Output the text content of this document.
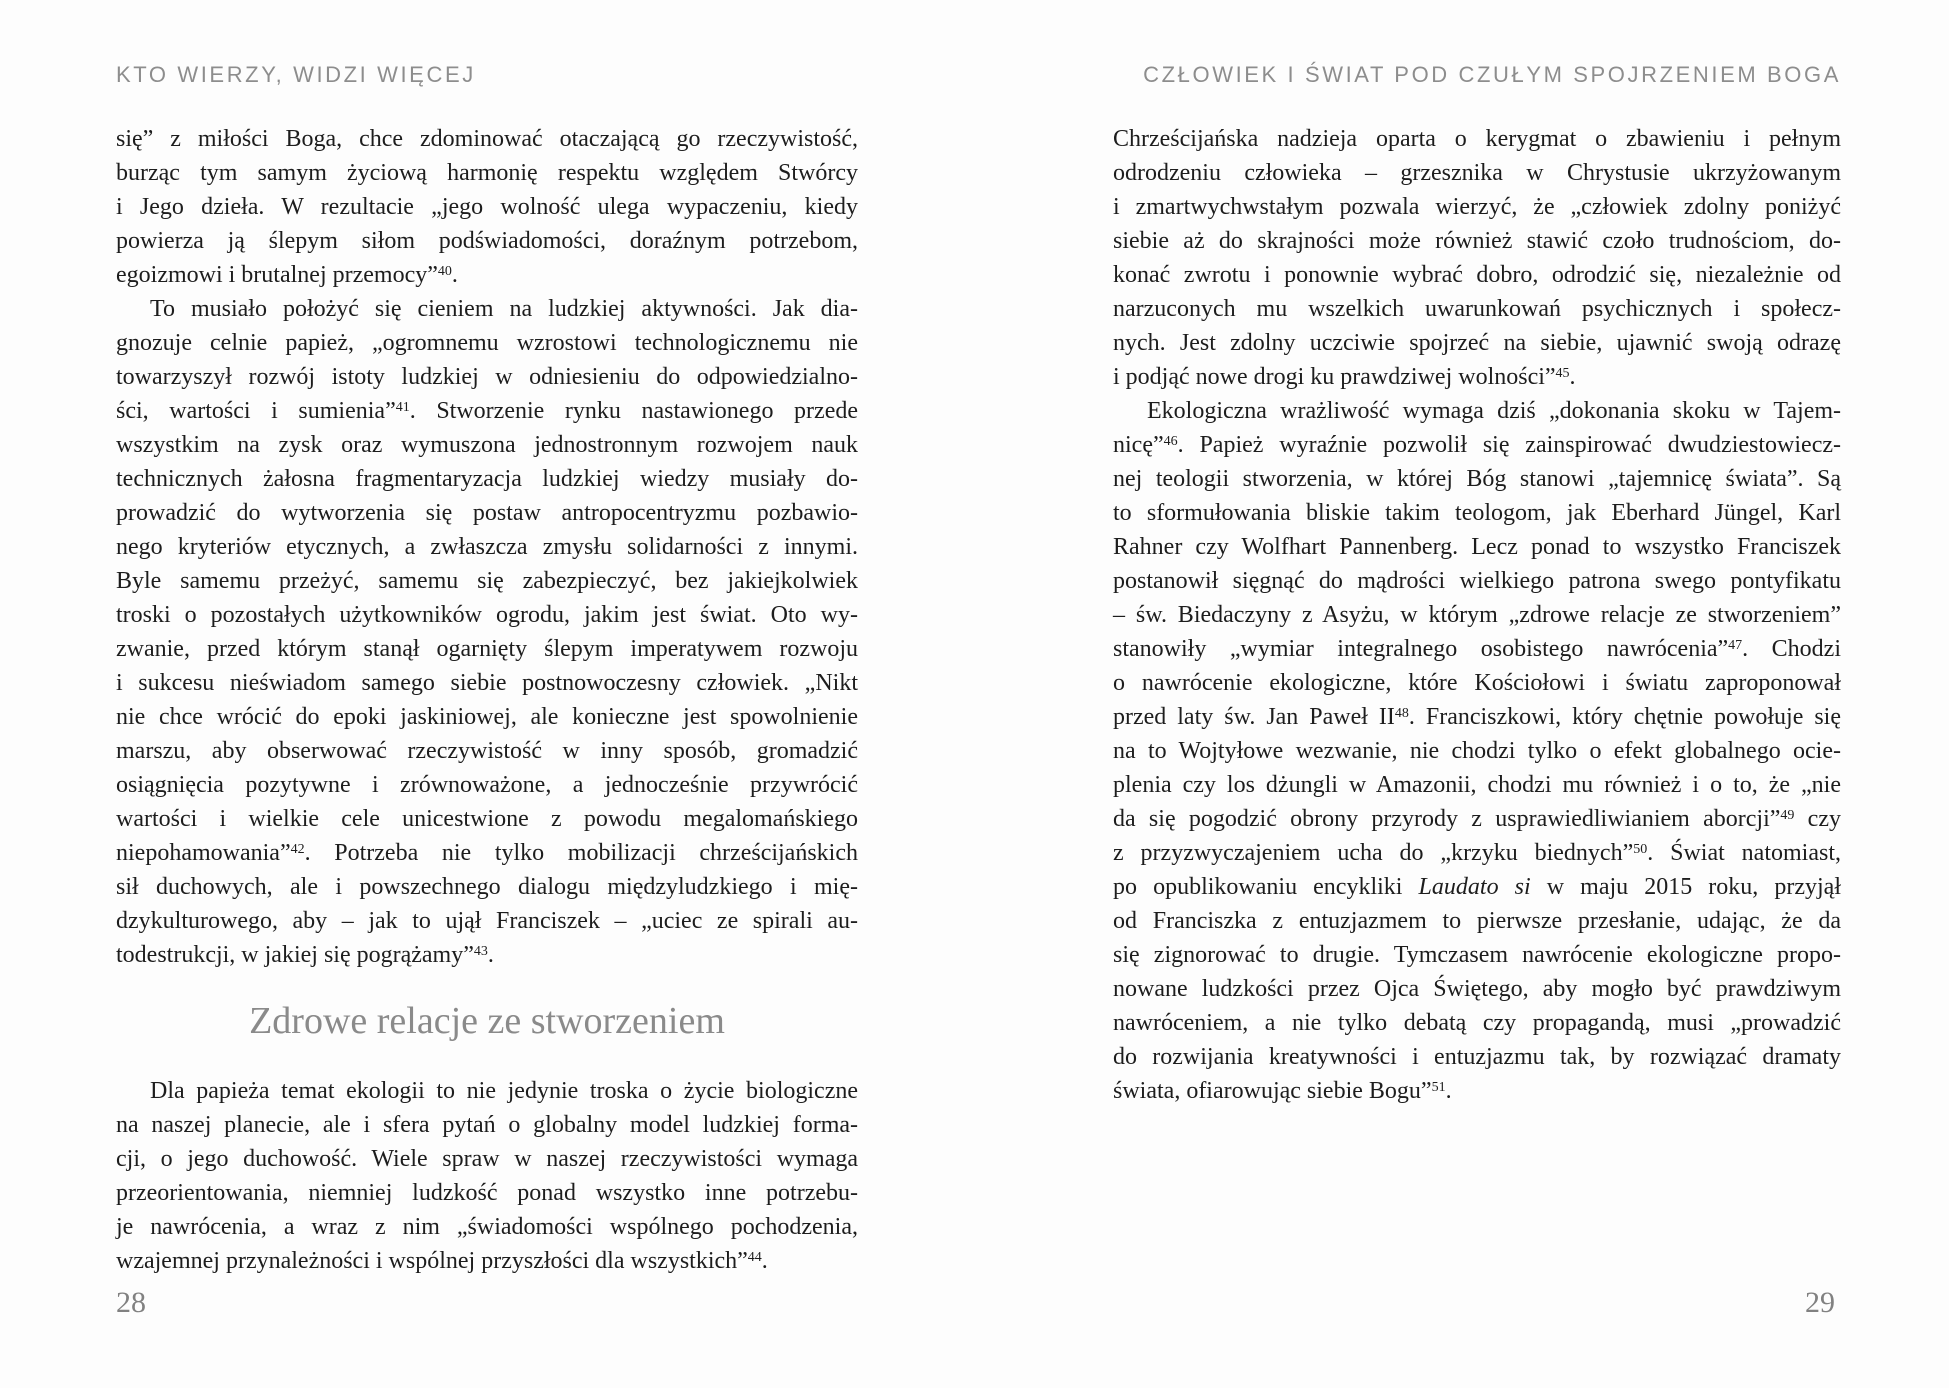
KTO WIERZY, WIDZI WIĘCEJ
się” z miłości Boga, chce zdominować otaczającą go rzeczywistość,
burząc tym samym życiową harmonię respektu względem Stwórcy
i Jego dzieła. W rezultacie „jego wolność ulega wypaczeniu, kiedy
powierza ją ślepym siłom podświadomości, doraźnym potrzebom,
egoizmowi i brutalnej przemocy”$^{40}$.
To musiało położyć się cieniem na ludzkiej aktywności. Jak dia-
gnozuje celnie papież, „ogromnemu wzrostowi technologicznemu nie
towarzyszył rozwój istoty ludzkiej w odniesieniu do odpowiedzialno-
ści, wartości i sumienia”$^{41}$. Stworzenie rynku nastawionego przede
wszystkim na zysk oraz wymuszona jednostronnym rozwojem nauk
technicznych żałosna fragmentaryzacja ludzkiej wiedzy musiały do-
prowadzić do wytworzenia się postaw antropocentryzmu pozbawio-
nego kryteriów etycznych, a zwłaszcza zmysłu solidarności z innymi.
Byle samemu przeżyć, samemu się zabezpieczyć, bez jakiejkolwiek
troski o pozostałych użytkowników ogrodu, jakim jest świat. Oto wy-
zwanie, przed którym stanął ogarnięty ślepym imperatywem rozwoju
i sukcesu nieświadom samego siebie postnowoczesny człowiek. „Nikt
nie chce wrócić do epoki jaskiniowej, ale konieczne jest spowolnienie
marszu, aby obserwować rzeczywistość w inny sposób, gromadzić
osiągnięcia pozytywne i zrównoważone, a jednocześnie przywrócić
wartości i wielkie cele unicestwione z powodu megalomańskiego
niepohamowania”$^{42}$. Potrzeba nie tylko mobilizacji chrześcijańskich
sił duchowych, ale i powszechnego dialogu międzyludzkiego i mię-
dzykulturowego, aby – jak to ujął Franciszek – „uciec ze spirali au-
todestrukcji, w jakiej się pogrążamy”$^{43}$.
Zdrowe relacje ze stworzeniem
Dla papieża temat ekologii to nie jedynie troska o życie biologiczne
na naszej planecie, ale i sfera pytań o globalny model ludzkiej forma-
cji, o jego duchowość. Wiele spraw w naszej rzeczywistości wymaga
przeorientowania, niemniej ludzkość ponad wszystko inne potrzebu-
je nawrócenia, a wraz z nim „świadomości wspólnego pochodzenia,
wzajemnej przynależności i wspólnej przyszłości dla wszystkich”$^{44}$.
28
CZŁOWIEK I ŚWIAT POD CZUŁYM SPOJRZENIEM BOGA
Chrześcijańska nadzieja oparta o kerygmat o zbawieniu i pełnym
odrodzeniu człowieka – grzesznika w Chrystusie ukrzyżowanym
i zmartwychwstałym pozwala wierzyć, że „człowiek zdolny poniżyć
siebie aż do skrajności może również stawić czoło trudnościom, do-
konać zwrotu i ponownie wybrać dobro, odrodzić się, niezależnie od
narzuconych mu wszelkich uwarunkowań psychicznych i społecz-
nych. Jest zdolny uczciwie spojrzeć na siebie, ujawnić swoją odrazę
i podjąć nowe drogi ku prawdziwej wolności”$^{45}$.
Ekologiczna wrażliwość wymaga dziś „dokonania skoku w Tajem-
nicę”$^{46}$. Papież wyraźnie pozwolił się zainspirować dwudziestowiecz-
nej teologii stworzenia, w której Bóg stanowi „tajemnicę świata”. Są
to sformułowania bliskie takim teologom, jak Eberhard Jüngel, Karl
Rahner czy Wolfhart Pannenberg. Lecz ponad to wszystko Franciszek
postanowił sięgnąć do mądrości wielkiego patrona swego pontyfikatu
– św. Biedaczyny z Asyżu, w którym „zdrowe relacje ze stworzeniem”
stanowiły „wymiar integralnego osobistego nawrócenia”$^{47}$. Chodzi
o nawrócenie ekologiczne, które Kościołowi i światu zaproponował
przed laty św. Jan Paweł II$^{48}$. Franciszkowi, który chętnie powołuje się
na to Wojtyłowe wezwanie, nie chodzi tylko o efekt globalnego ocie-
plenia czy los dżungli w Amazonii, chodzi mu również i o to, że „nie
da się pogodzić obrony przyrody z usprawiedliwianiem aborcji”$^{49}$ czy
z przyzwyczajeniem ucha do „krzyku biednych”$^{50}$. Świat natomiast,
po opublikowaniu encykliki Laudato si w maju 2015 roku, przyjął
od Franciszka z entuzjazmem to pierwsze przesłanie, udając, że da
się zignorować to drugie. Tymczasem nawrócenie ekologiczne propo-
nowane ludzkości przez Ojca Świętego, aby mogło być prawdziwym
nawróceniem, a nie tylko debatą czy propagandą, musi „prowadzić
do rozwijania kreatywności i entuzjazmu tak, by rozwiązać dramaty
świata, ofiarowując siebie Bogu”$^{51}$.
29
